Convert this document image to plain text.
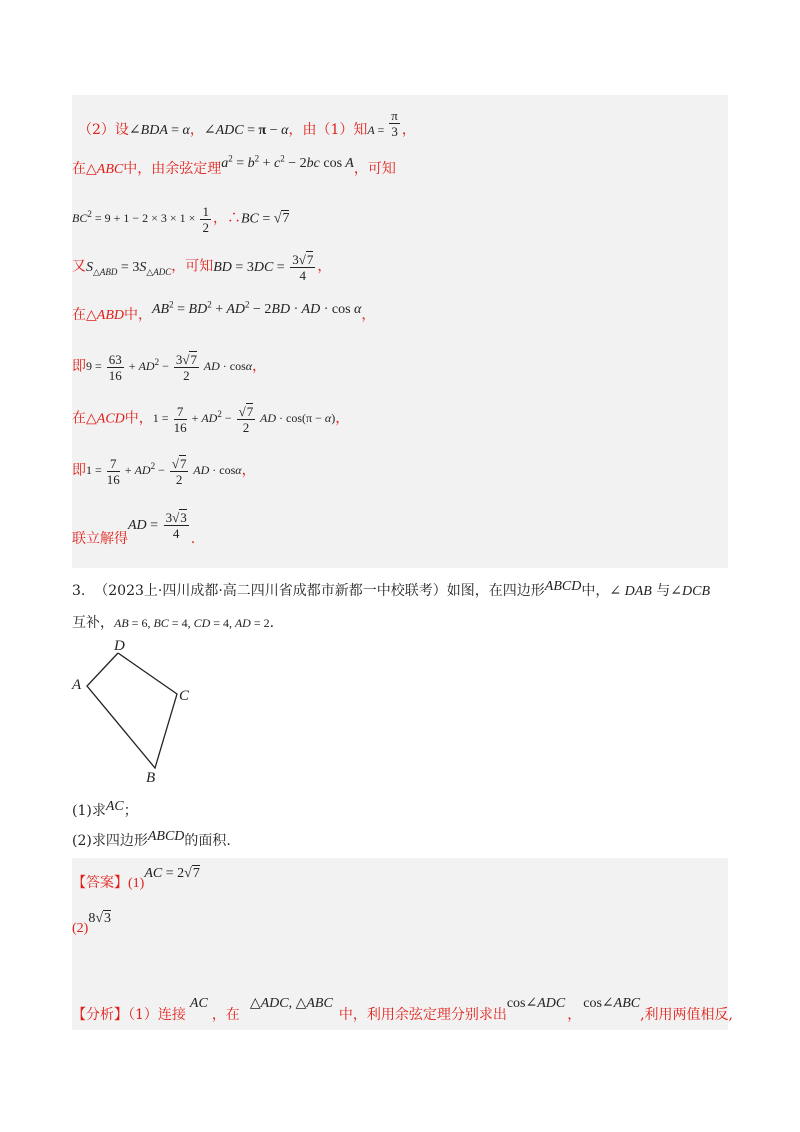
（2）设∠BDA = α，∠ADC = π − α，由（1）知$A = \frac{\pi}{3}$ ，
在△ABC中，由余弦定理$a^2 = b^2 + c^2 - 2bc$ cos A，可知
$BC^2 = 9 + 1 - 2 \times 3 \times 1 \times \frac{1}{2}$ ，∴BC = √7
又$S_{\triangle ABD} = 3S_{\triangle ADC}$，可知BD = $3DC = \frac{3√7}{4}$ ，
在△ABD中，$AB^2 = BD^2 + AD^2 - 2BD$ · AD · cos α，
即$9 = \frac{63}{16} + AD^2 - \frac{3√7}{2}$ AD · cosα，
在△ACD中，$1 = \frac{7}{16} + AD^2 - \frac{√7}{2}$ AD · cos(π − α)，
即$1 = \frac{7}{16} + AD^2 - \frac{√7}{2}$ AD · cosα，
联立解得AD = $\frac{3√3}{4}$ .
3. （2023上·四川成都·高二四川省成都市新都一中校联考）如图，在四边形ABCD中，∠ DAB 与∠DCB
互补，AB = 6, BC = 4, CD = 4, AD = 2.
D
A
C
B
(1)求AC；
(2)求四边形ABCD的面积.
【答案】(1)AC = 2√7
(2)8√3
【分析】（1）连接AC，在△ADC, △ABC中，利用余弦定理分别求出cos∠ADC，cos∠ABC,利用两值相反,
